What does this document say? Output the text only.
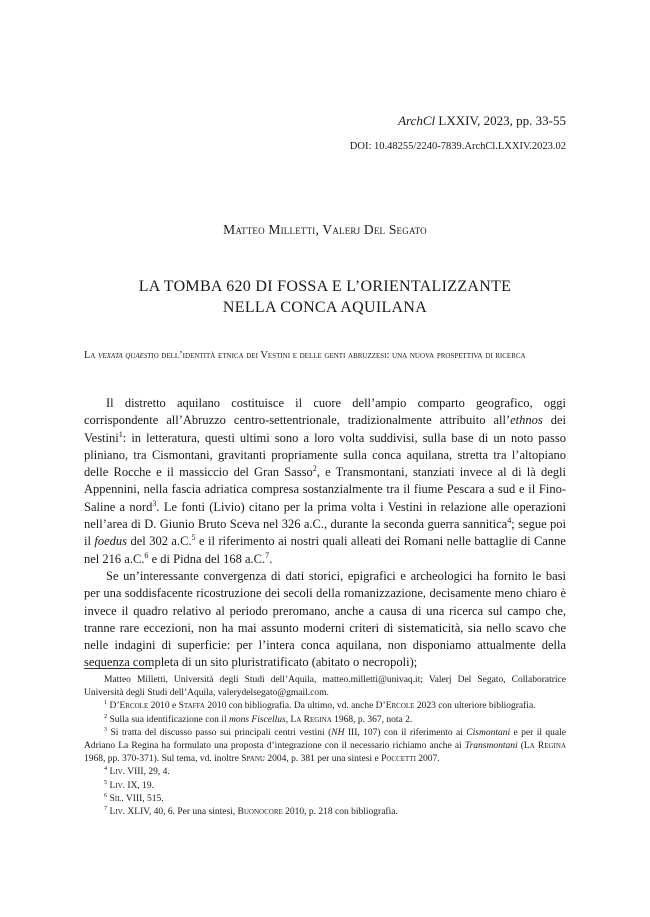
ArchCl LXXIV, 2023, pp. 33-55
DOI: 10.48255/2240-7839.ArchCl.LXXIV.2023.02
Matteo Milletti, Valerj Del Segato
LA TOMBA 620 DI FOSSA E L’ORIENTALIZZANTE
NELLA CONCA AQUILANA
La vexata quaestio dell’identità etnica dei Vestini e delle genti abruzzesi: una nuova prospettiva di ricerca

Il distretto aquilano costituisce il cuore dell’ampio comparto geografico, oggi corrispondente all’Abruzzo centro-settentrionale, tradizionalmente attribuito all’ethnos dei Vestini$^1$: in letteratura, questi ultimi sono a loro volta suddivisi, sulla base di un noto passo pliniano, tra Cismontani, gravitanti propriamente sulla conca aquilana, stretta tra l’altopiano delle Rocche e il massiccio del Gran Sasso$^2$, e Transmontani, stanziati invece al di là degli Appennini, nella fascia adriatica compresa sostanzialmente tra il fiume Pescara a sud e il Fino-Saline a nord$^3$. Le fonti (Livio) citano per la prima volta i Vestini in relazione alle operazioni nell’area di D. Giunio Bruto Sceva nel 326 a.C., durante la seconda guerra sannitica$^4$; segue poi il foedus del 302 a.C.$^5$ e il riferimento ai nostri quali alleati dei Romani nelle battaglie di Canne nel 216 a.C.$^6$ e di Pidna del 168 a.C.$^7$.

Se un’interessante convergenza di dati storici, epigrafici e archeologici ha fornito le basi per una soddisfacente ricostruzione dei secoli della romanizzazione, decisamente meno chiaro è invece il quadro relativo al periodo preromano, anche a causa di una ricerca sul campo che, tranne rare eccezioni, non ha mai assunto moderni criteri di sistematicità, sia nello scavo che nelle indagini di superficie: per l’intera conca aquilana, non disponiamo attualmente della sequenza completa di un sito pluristratificato (abitato o necropoli);

Matteo Milletti, Università degli Studi dell’Aquila, matteo.milletti@univaq.it; Valerj Del Segato, Collaboratrice Università degli Studi dell’Aquila, valerydelsegato@gmail.com.

$^1$ D’Ercole 2010 e Staffa 2010 con bibliografia. Da ultimo, vd. anche D’Ercole 2023 con ulteriore bibliografia.

$^2$ Sulla sua identificazione con il mons Fiscellus, La Regina 1968, p. 367, nota 2.

$^3$ Si tratta del discusso passo sui principali centri vestini (NH III, 107) con il riferimento ai Cismontani e per il quale Adriano La Regina ha formulato una proposta d’integrazione con il necessario richiamo anche ai Transmontani (La Regina 1968, pp. 370-371). Sul tema, vd. inoltre Spanu 2004, p. 381 per una sintesi e Poccetti 2007.

$^4$ Liv. VIII, 29, 4.

$^5$ Liv. IX, 19.

$^6$ Sil. VIII, 515.

$^7$ Liv. XLIV, 40, 6. Per una sintesi, Buonocore 2010, p. 218 con bibliografia.
